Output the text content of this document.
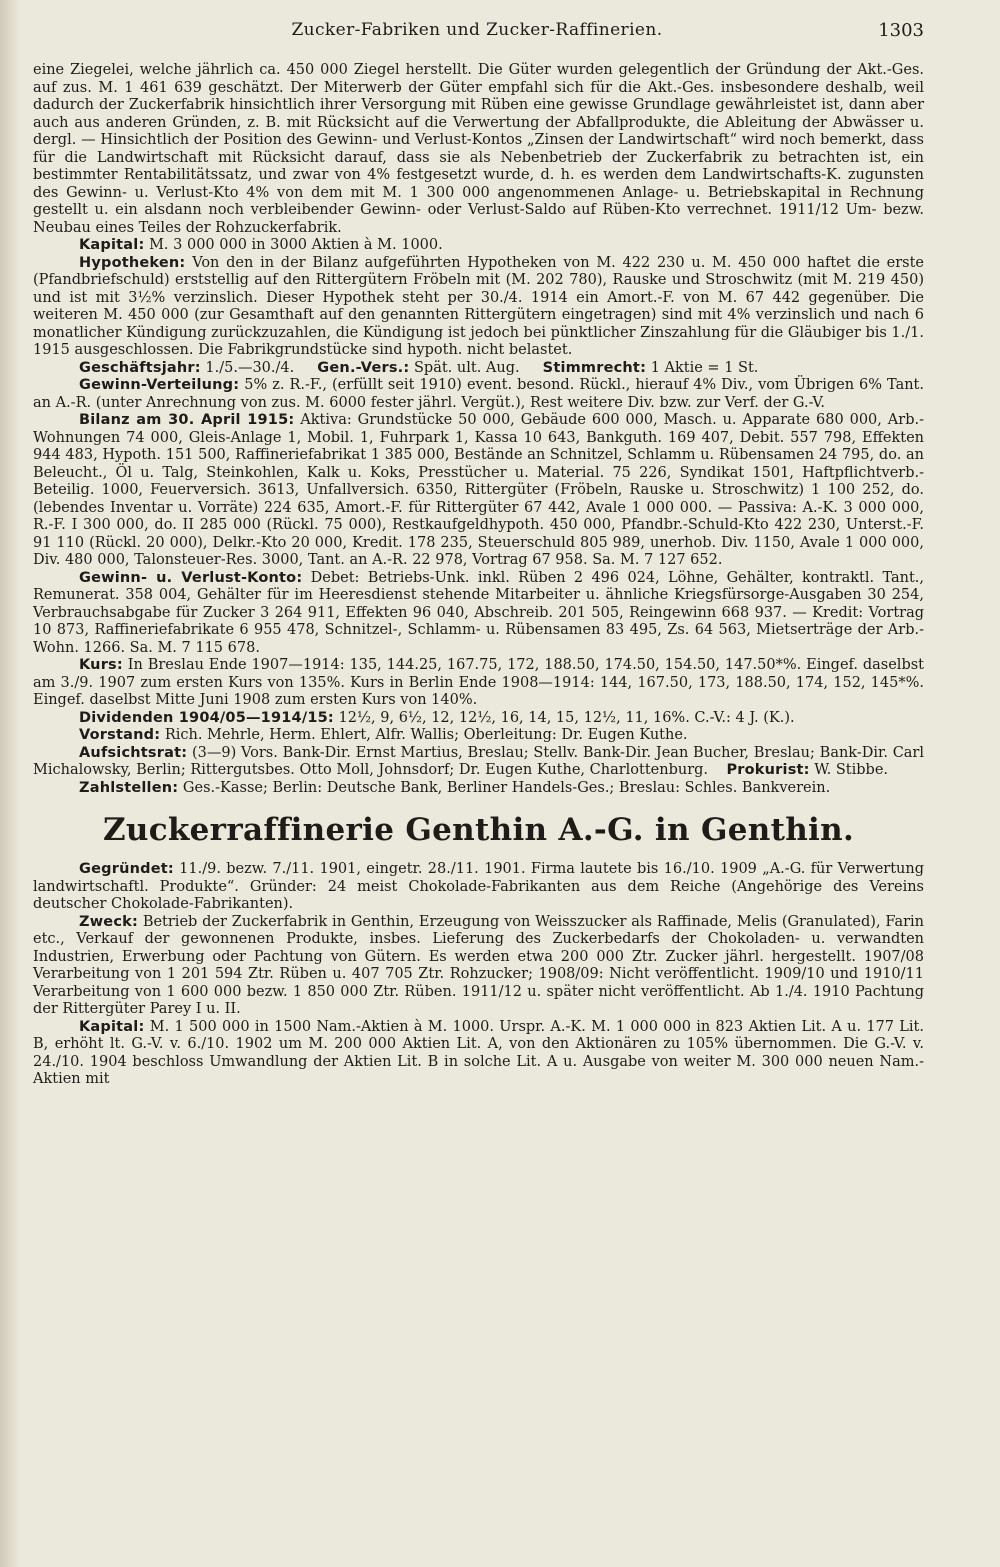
Zucker-Fabriken und Zucker-Raffinerien.	1303

eine Ziegelei, welche jährlich ca. 450 000 Ziegel herstellt. Die Güter wurden gelegentlich der Gründung der Akt.-Ges. auf zus. M. 1 461 639 geschätzt. Der Miterwerb der Güter empfahl sich für die Akt.-Ges. insbesondere deshalb, weil dadurch der Zuckerfabrik hinsichtlich ihrer Versorgung mit Rüben eine gewisse Grundlage gewährleistet ist, dann aber auch aus anderen Gründen, z. B. mit Rücksicht auf die Verwertung der Abfallprodukte, die Ableitung der Abwässer u. dergl. — Hinsichtlich der Position des Gewinn- und Verlust-Kontos „Zinsen der Landwirtschaft“ wird noch bemerkt, dass für die Landwirtschaft mit Rücksicht darauf, dass sie als Nebenbetrieb der Zuckerfabrik zu betrachten ist, ein bestimmter Rentabilitätssatz, und zwar von 4% festgesetzt wurde, d. h. es werden dem Landwirtschafts-K. zugunsten des Gewinn- u. Verlust-Kto 4% von dem mit M. 1 300 000 angenommenen Anlage- u. Betriebskapital in Rechnung gestellt u. ein alsdann noch verbleibender Gewinn- oder Verlust-Saldo auf Rüben-Kto verrechnet. 1911/12 Um- bezw. Neubau eines Teiles der Rohzuckerfabrik.

Kapital: M. 3 000 000 in 3000 Aktien à M. 1000.

Hypotheken: Von den in der Bilanz aufgeführten Hypotheken von M. 422 230 u. M. 450 000 haftet die erste (Pfandbriefschuld) erststellig auf den Rittergütern Fröbeln mit (M. 202 780), Rauske und Stroschwitz (mit M. 219 450) und ist mit 3½% verzinslich. Dieser Hypothek steht per 30./4. 1914 ein Amort.-F. von M. 67 442 gegenüber. Die weiteren M. 450 000 (zur Gesamthaft auf den genannten Rittergütern eingetragen) sind mit 4% verzinslich und nach 6 monatlicher Kündigung zurückzuzahlen, die Kündigung ist jedoch bei pünktlicher Zinszahlung für die Gläubiger bis 1./1. 1915 ausgeschlossen. Die Fabrikgrundstücke sind hypoth. nicht belastet.

Geschäftsjahr: 1./5.—30./4. Gen.-Vers.: Spät. ult. Aug. Stimmrecht: 1 Aktie = 1 St.

Gewinn-Verteilung: 5% z. R.-F., (erfüllt seit 1910) event. besond. Rückl., hierauf 4% Div., vom Übrigen 6% Tant. an A.-R. (unter Anrechnung von zus. M. 6000 fester jährl. Vergüt.), Rest weitere Div. bzw. zur Verf. der G.-V.

Bilanz am 30. April 1915: Aktiva: Grundstücke 50 000, Gebäude 600 000, Masch. u. Apparate 680 000, Arb.-Wohnungen 74 000, Gleis-Anlage 1, Mobil. 1, Fuhrpark 1, Kassa 10 643, Bankguth. 169 407, Debit. 557 798, Effekten 944 483, Hypoth. 151 500, Raffineriefabrikat 1 385 000, Bestände an Schnitzel, Schlamm u. Rübensamen 24 795, do. an Beleucht., Öl u. Talg, Steinkohlen, Kalk u. Koks, Presstücher u. Material. 75 226, Syndikat 1501, Haftpflichtverb.-Beteilig. 1000, Feuerversich. 3613, Unfallversich. 6350, Rittergüter (Fröbeln, Rauske u. Stroschwitz) 1 100 252, do. (lebendes Inventar u. Vorräte) 224 635, Amort.-F. für Rittergüter 67 442, Avale 1 000 000. — Passiva: A.-K. 3 000 000, R.-F. I 300 000, do. II 285 000 (Rückl. 75 000), Restkaufgeldhypoth. 450 000, Pfandbr.-Schuld-Kto 422 230, Unterst.-F. 91 110 (Rückl. 20 000), Delkr.-Kto 20 000, Kredit. 178 235, Steuerschuld 805 989, unerhob. Div. 1150, Avale 1 000 000, Div. 480 000, Talonsteuer-Res. 3000, Tant. an A.-R. 22 978, Vortrag 67 958. Sa. M. 7 127 652.

Gewinn- u. Verlust-Konto: Debet: Betriebs-Unk. inkl. Rüben 2 496 024, Löhne, Gehälter, kontraktl. Tant., Remunerat. 358 004, Gehälter für im Heeresdienst stehende Mitarbeiter u. ähnliche Kriegsfürsorge-Ausgaben 30 254, Verbrauchsabgabe für Zucker 3 264 911, Effekten 96 040, Abschreib. 201 505, Reingewinn 668 937. — Kredit: Vortrag 10 873, Raffineriefabrikate 6 955 478, Schnitzel-, Schlamm- u. Rübensamen 83 495, Zs. 64 563, Mietserträge der Arb.-Wohn. 1266. Sa. M. 7 115 678.

Kurs: In Breslau Ende 1907—1914: 135, 144.25, 167.75, 172, 188.50, 174.50, 154.50, 147.50*%. Eingef. daselbst am 3./9. 1907 zum ersten Kurs von 135%. Kurs in Berlin Ende 1908—1914: 144, 167.50, 173, 188.50, 174, 152, 145*%. Eingef. daselbst Mitte Juni 1908 zum ersten Kurs von 140%.

Dividenden 1904/05—1914/15: 12½, 9, 6½, 12, 12½, 16, 14, 15, 12½, 11, 16%. C.-V.: 4 J. (K.).

Vorstand: Rich. Mehrle, Herm. Ehlert, Alfr. Wallis; Oberleitung: Dr. Eugen Kuthe.

Aufsichtsrat: (3—9) Vors. Bank-Dir. Ernst Martius, Breslau; Stellv. Bank-Dir. Jean Bucher, Breslau; Bank-Dir. Carl Michalowsky, Berlin; Rittergutsbes. Otto Moll, Johnsdorf; Dr. Eugen Kuthe, Charlottenburg. Prokurist: W. Stibbe.

Zahlstellen: Ges.-Kasse; Berlin: Deutsche Bank, Berliner Handels-Ges.; Breslau: Schles. Bankverein.

Zuckerraffinerie Genthin A.-G. in Genthin.

Gegründet: 11./9. bezw. 7./11. 1901, eingetr. 28./11. 1901. Firma lautete bis 16./10. 1909 „A.-G. für Verwertung landwirtschaftl. Produkte“. Gründer: 24 meist Chokolade-Fabrikanten aus dem Reiche (Angehörige des Vereins deutscher Chokolade-Fabrikanten).

Zweck: Betrieb der Zuckerfabrik in Genthin, Erzeugung von Weisszucker als Raffinade, Melis (Granulated), Farin etc., Verkauf der gewonnenen Produkte, insbes. Lieferung des Zuckerbedarfs der Chokoladen- u. verwandten Industrien, Erwerbung oder Pachtung von Gütern. Es werden etwa 200 000 Ztr. Zucker jährl. hergestellt. 1907/08 Verarbeitung von 1 201 594 Ztr. Rüben u. 407 705 Ztr. Rohzucker; 1908/09: Nicht veröffentlicht. 1909/10 und 1910/11 Verarbeitung von 1 600 000 bezw. 1 850 000 Ztr. Rüben. 1911/12 u. später nicht veröffentlicht. Ab 1./4. 1910 Pachtung der Rittergüter Parey I u. II.

Kapital: M. 1 500 000 in 1500 Nam.-Aktien à M. 1000. Urspr. A.-K. M. 1 000 000 in 823 Aktien Lit. A u. 177 Lit. B, erhöht lt. G.-V. v. 6./10. 1902 um M. 200 000 Aktien Lit. A, von den Aktionären zu 105% übernommen. Die G.-V. v. 24./10. 1904 beschloss Umwandlung der Aktien Lit. B in solche Lit. A u. Ausgabe von weiter M. 300 000 neuen Nam.-Aktien mit
